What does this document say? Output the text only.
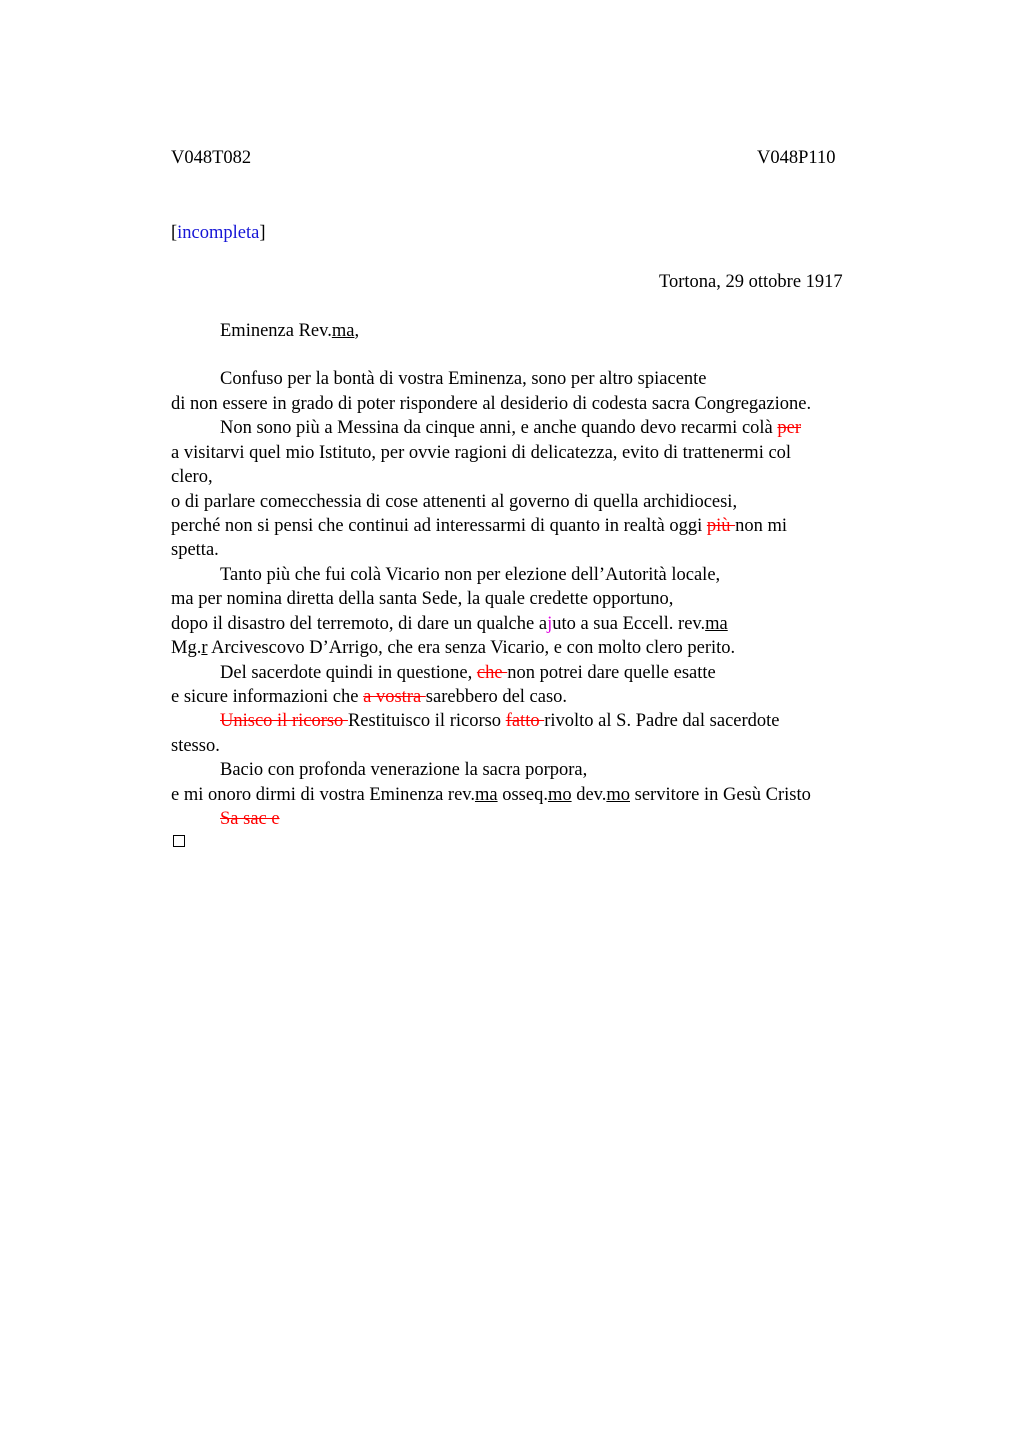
V048T082	V048P110
[incompleta]
Tortona, 29 ottobre 1917
Eminenza Rev.ma,
Confuso per la bontà di vostra Eminenza, sono per altro spiacente
di non essere in grado di poter rispondere al desiderio di codesta sacra Congregazione.
Non sono più a Messina da cinque anni, e anche quando devo recarmi colà per
a visitarvi quel mio Istituto, per ovvie ragioni di delicatezza, evito di trattenermi col
clero,
o di parlare comecchessia di cose attenenti al governo di quella archidiocesi,
perché non si pensi che continui ad interessarmi di quanto in realtà oggi più non mi
spetta.
Tanto più che fui colà Vicario non per elezione dell’Autorità locale,
ma per nomina diretta della santa Sede, la quale credette opportuno,
dopo il disastro del terremoto, di dare un qualche ajuto a sua Eccell. rev.ma
Mg.r Arcivescovo D’Arrigo, che era senza Vicario, e con molto clero perito.
Del sacerdote quindi in questione, che non potrei dare quelle esatte
e sicure informazioni che a vostra sarebbero del caso.
Unisco il ricorso Restituisco il ricorso fatto rivolto al S. Padre dal sacerdote
stesso.
Bacio con profonda venerazione la sacra porpora,
e mi onoro dirmi di vostra Eminenza rev.ma osseq.mo dev.mo servitore in Gesù Cristo
Sa sac e
